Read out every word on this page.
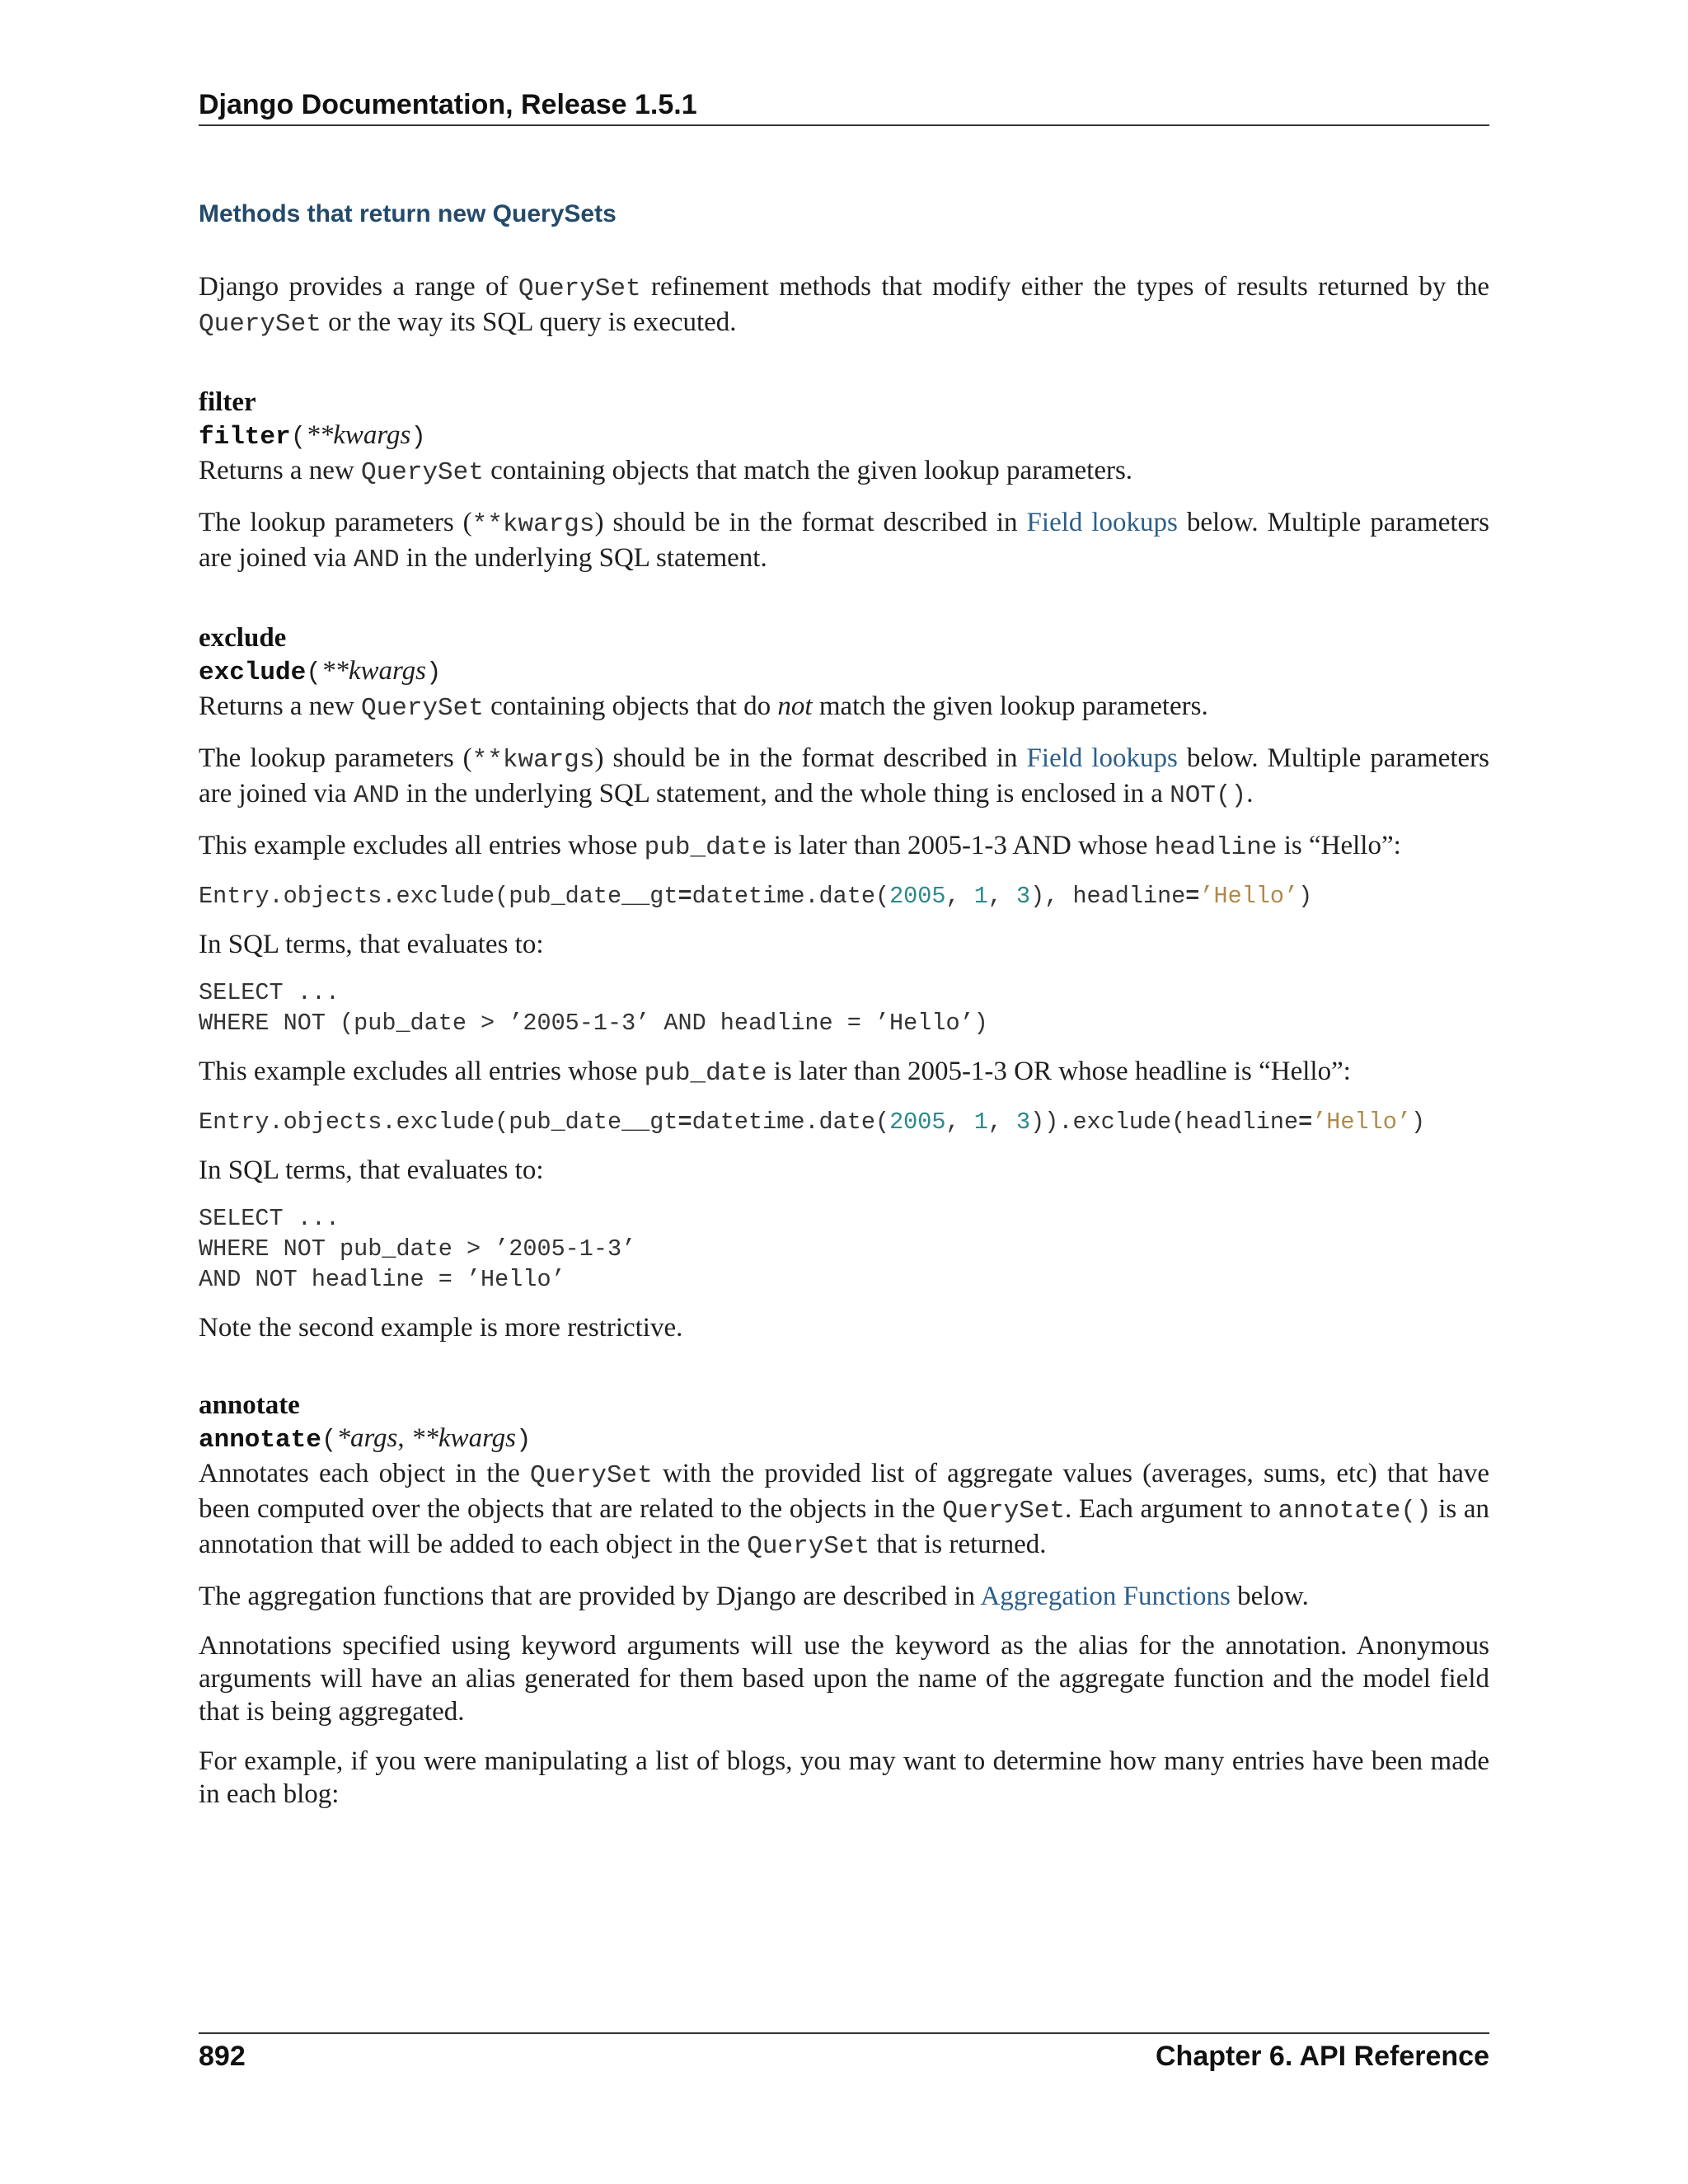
Django Documentation, Release 1.5.1
Methods that return new QuerySets

Django provides a range of QuerySet refinement methods that modify either the types of results returned by the QuerySet or the way its SQL query is executed.

filter
filter(**kwargs)

Returns a new QuerySet containing objects that match the given lookup parameters.

The lookup parameters (**kwargs) should be in the format described in Field lookups below. Multiple parameters are joined via AND in the underlying SQL statement.

exclude
exclude(**kwargs)

Returns a new QuerySet containing objects that do not match the given lookup parameters.

The lookup parameters (**kwargs) should be in the format described in Field lookups below. Multiple parameters are joined via AND in the underlying SQL statement, and the whole thing is enclosed in a NOT().

This example excludes all entries whose pub_date is later than 2005-1-3 AND whose headline is “Hello”:

Entry.objects.exclude(pub_date__gt=datetime.date(2005, 1, 3), headline=’Hello’)

In SQL terms, that evaluates to:

SELECT ...
WHERE NOT (pub_date > ’2005-1-3’ AND headline = ’Hello’)

This example excludes all entries whose pub_date is later than 2005-1-3 OR whose headline is “Hello”:

Entry.objects.exclude(pub_date__gt=datetime.date(2005, 1, 3)).exclude(headline=’Hello’)

In SQL terms, that evaluates to:

SELECT ...
WHERE NOT pub_date > ’2005-1-3’
AND NOT headline = ’Hello’

Note the second example is more restrictive.

annotate
annotate(*args, **kwargs)

Annotates each object in the QuerySet with the provided list of aggregate values (averages, sums, etc) that have been computed over the objects that are related to the objects in the QuerySet. Each argument to annotate() is an annotation that will be added to each object in the QuerySet that is returned.

The aggregation functions that are provided by Django are described in Aggregation Functions below.

Annotations specified using keyword arguments will use the keyword as the alias for the annotation. Anonymous arguments will have an alias generated for them based upon the name of the aggregate function and the model field that is being aggregated.

For example, if you were manipulating a list of blogs, you may want to determine how many entries have been made in each blog:

892	Chapter 6. API Reference
